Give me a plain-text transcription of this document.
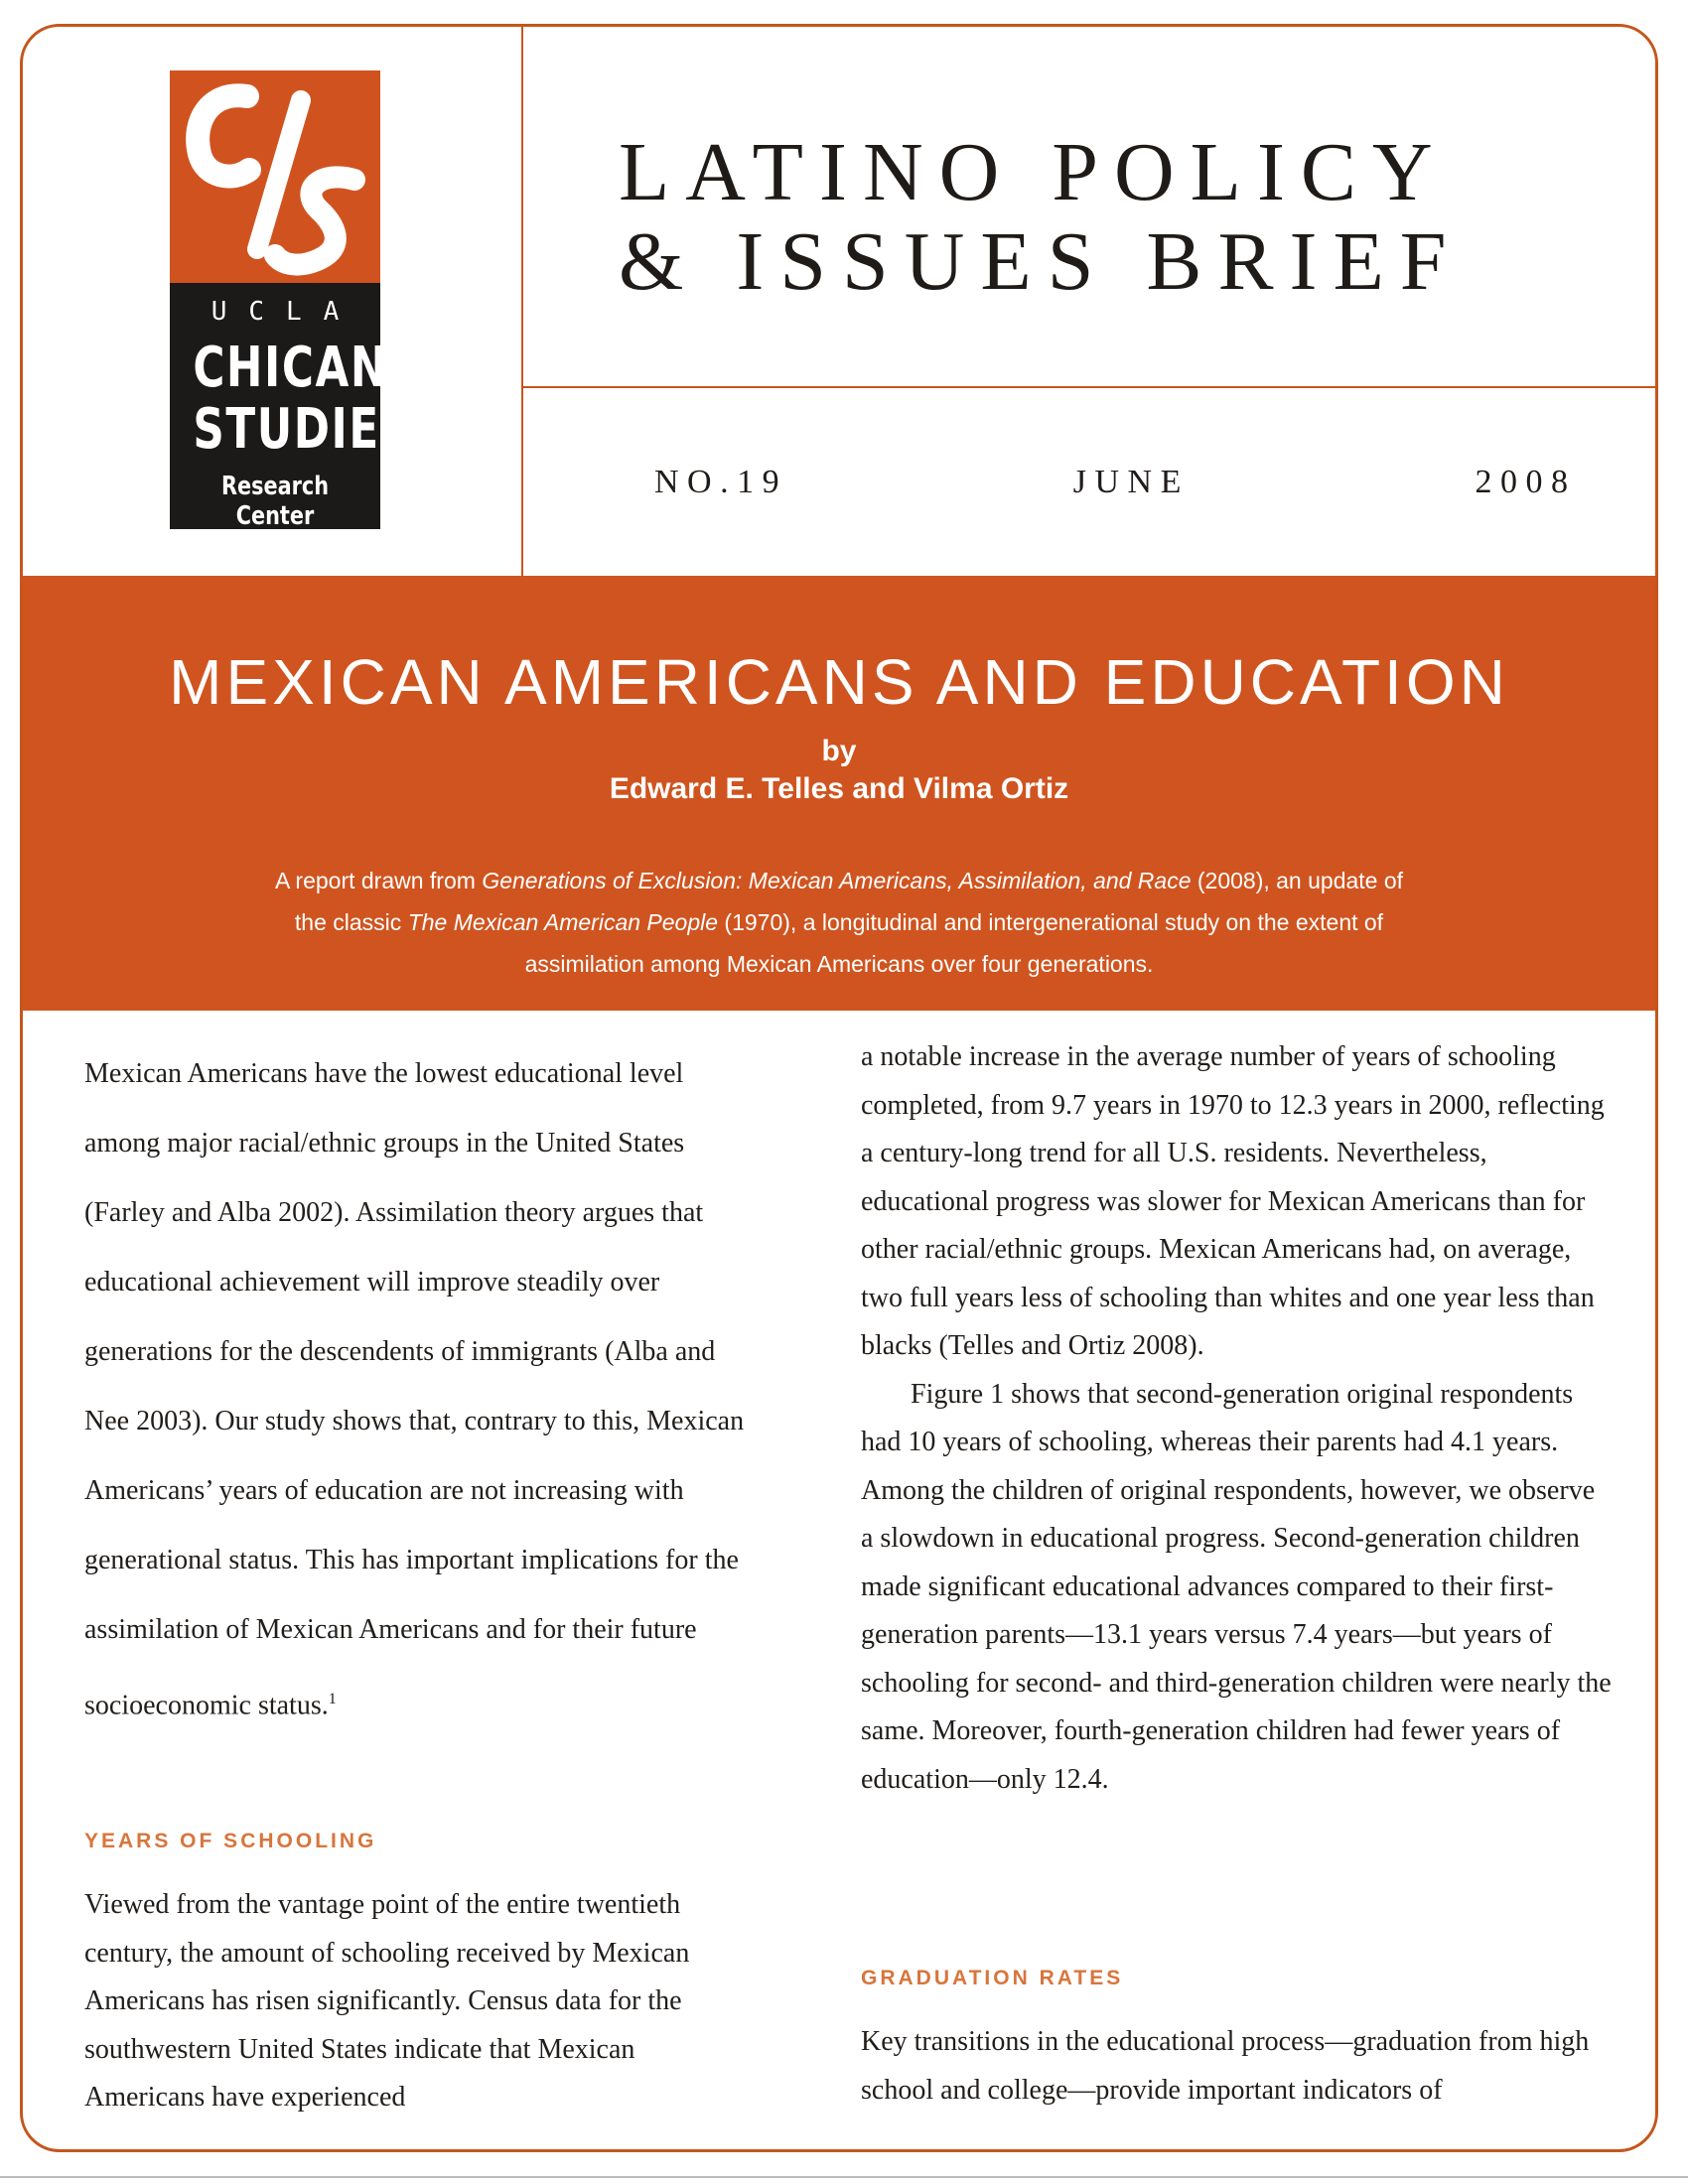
UCLA
CHICANO
STUDIES
Research Center
LATINO POLICY
& ISSUES BRIEF
N O . 1 9	J U N E	2 0 0 8
MEXICAN AMERICANS AND EDUCATION
by
Edward E. Telles and Vilma Ortiz
A report drawn from Generations of Exclusion: Mexican Americans, Assimilation, and Race (2008), an update of the classic The Mexican American People (1970), a longitudinal and intergenerational study on the extent of assimilation among Mexican Americans over four generations.

Mexican Americans have the lowest educational level among major racial/ethnic groups in the United States (Farley and Alba 2002). Assimilation theory argues that educational achievement will improve steadily over generations for the descendents of immigrants (Alba and Nee 2003). Our study shows that, contrary to this, Mexican Americans’ years of education are not increasing with generational status. This has important implications for the assimilation of Mexican Americans and for their future socioeconomic status.$^1$

YEARS OF SCHOOLING

Viewed from the vantage point of the entire twentieth century, the amount of schooling received by Mexican Americans has risen significantly. Census data for the southwestern United States indicate that Mexican Americans have experienced

a notable increase in the average number of years of schooling completed, from 9.7 years in 1970 to 12.3 years in 2000, reflecting a century-long trend for all U.S. residents. Nevertheless, educational progress was slower for Mexican Americans than for other racial/ethnic groups. Mexican Americans had, on average, two full years less of schooling than whites and one year less than blacks (Telles and Ortiz 2008).

Figure 1 shows that second-generation original respondents had 10 years of schooling, whereas their parents had 4.1 years. Among the children of original respondents, however, we observe a slowdown in educational progress. Second-generation children made significant educational advances compared to their first-generation parents—13.1 years versus 7.4 years—but years of schooling for second- and third-generation children were nearly the same. Moreover, fourth-generation children had fewer years of education—only 12.4.

GRADUATION RATES

Key transitions in the educational process—graduation from high school and college—provide important indicators of
